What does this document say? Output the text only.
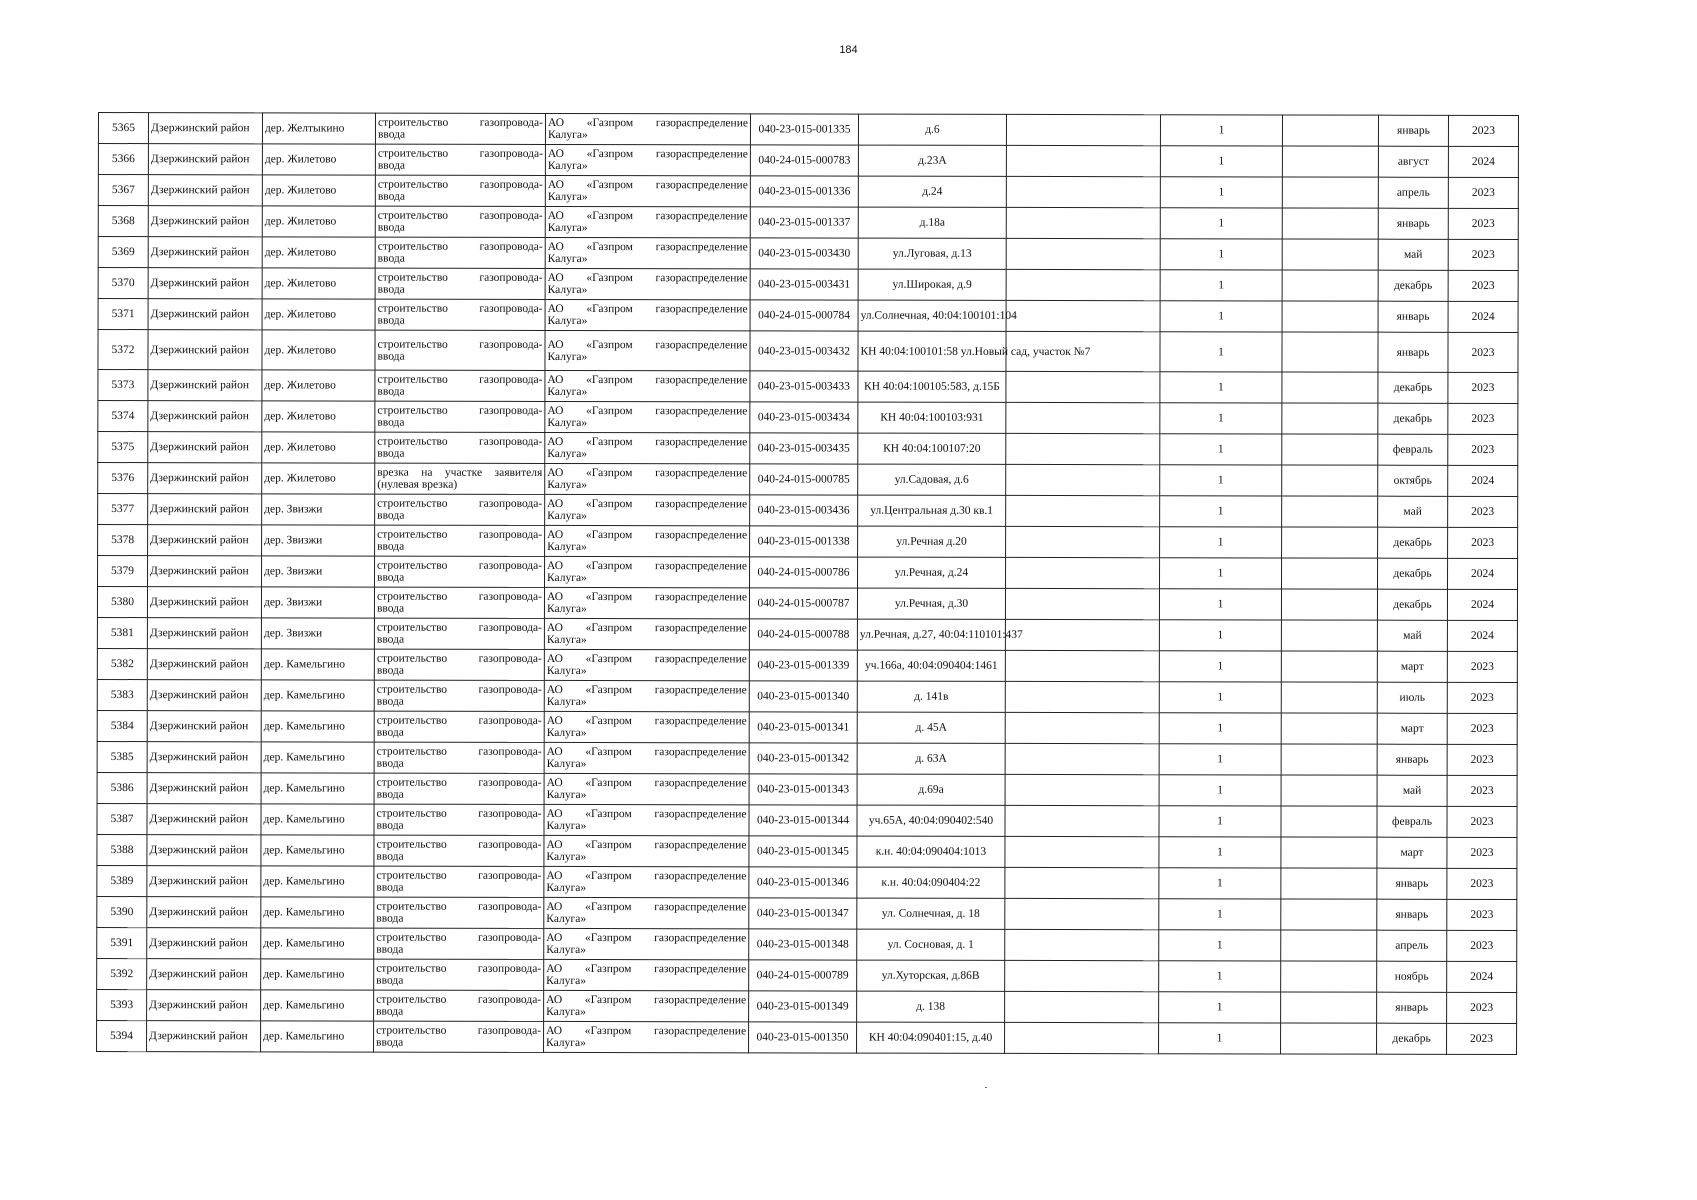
184
5365	Дзержинский район	дер. Желтыкино	строительство газопровода-
ввода	АО «Газпром газораспределение
Калуга»	040-23-015-001335	д.6		1		январь	2023
5366	Дзержинский район	дер. Жилетово	строительство газопровода-
ввода	АО «Газпром газораспределение
Калуга»	040-24-015-000783	д.23А		1		август	2024
5367	Дзержинский район	дер. Жилетово	строительство газопровода-
ввода	АО «Газпром газораспределение
Калуга»	040-23-015-001336	д.24		1		апрель	2023
5368	Дзержинский район	дер. Жилетово	строительство газопровода-
ввода	АО «Газпром газораспределение
Калуга»	040-23-015-001337	д.18а		1		январь	2023
5369	Дзержинский район	дер. Жилетово	строительство газопровода-
ввода	АО «Газпром газораспределение
Калуга»	040-23-015-003430	ул.Луговая, д.13		1		май	2023
5370	Дзержинский район	дер. Жилетово	строительство газопровода-
ввода	АО «Газпром газораспределение
Калуга»	040-23-015-003431	ул.Широкая, д.9		1		декабрь	2023
5371	Дзержинский район	дер. Жилетово	строительство газопровода-
ввода	АО «Газпром газораспределение
Калуга»	040-24-015-000784	ул.Солнечная, 40:04:100101:104		1		январь	2024
5372	Дзержинский район	дер. Жилетово	строительство газопровода-
ввода	АО «Газпром газораспределение
Калуга»	040-23-015-003432	КН 40:04:100101:58 ул.Новый сад, участок №7		1		январь	2023
5373	Дзержинский район	дер. Жилетово	строительство газопровода-
ввода	АО «Газпром газораспределение
Калуга»	040-23-015-003433	КН 40:04:100105:583, д.15Б		1		декабрь	2023
5374	Дзержинский район	дер. Жилетово	строительство газопровода-
ввода	АО «Газпром газораспределение
Калуга»	040-23-015-003434	КН 40:04:100103:931		1		декабрь	2023
5375	Дзержинский район	дер. Жилетово	строительство газопровода-
ввода	АО «Газпром газораспределение
Калуга»	040-23-015-003435	КН 40:04:100107:20		1		февраль	2023
5376	Дзержинский район	дер. Жилетово	врезка на участке заявителя
(нулевая врезка)	АО «Газпром газораспределение
Калуга»	040-24-015-000785	ул.Садовая, д.6		1		октябрь	2024
5377	Дзержинский район	дер. Звизжи	строительство газопровода-
ввода	АО «Газпром газораспределение
Калуга»	040-23-015-003436	ул.Центральная д.30 кв.1		1		май	2023
5378	Дзержинский район	дер. Звизжи	строительство газопровода-
ввода	АО «Газпром газораспределение
Калуга»	040-23-015-001338	ул.Речная д.20		1		декабрь	2023
5379	Дзержинский район	дер. Звизжи	строительство газопровода-
ввода	АО «Газпром газораспределение
Калуга»	040-24-015-000786	ул.Речная, д.24		1		декабрь	2024
5380	Дзержинский район	дер. Звизжи	строительство газопровода-
ввода	АО «Газпром газораспределение
Калуга»	040-24-015-000787	ул.Речная, д.30		1		декабрь	2024
5381	Дзержинский район	дер. Звизжи	строительство газопровода-
ввода	АО «Газпром газораспределение
Калуга»	040-24-015-000788	ул.Речная, д.27, 40:04:110101:437		1		май	2024
5382	Дзержинский район	дер. Камельгино	строительство газопровода-
ввода	АО «Газпром газораспределение
Калуга»	040-23-015-001339	уч.166а, 40:04:090404:1461		1		март	2023
5383	Дзержинский район	дер. Камельгино	строительство газопровода-
ввода	АО «Газпром газораспределение
Калуга»	040-23-015-001340	д. 141в		1		июль	2023
5384	Дзержинский район	дер. Камельгино	строительство газопровода-
ввода	АО «Газпром газораспределение
Калуга»	040-23-015-001341	д. 45А		1		март	2023
5385	Дзержинский район	дер. Камельгино	строительство газопровода-
ввода	АО «Газпром газораспределение
Калуга»	040-23-015-001342	д. 63А		1		январь	2023
5386	Дзержинский район	дер. Камельгино	строительство газопровода-
ввода	АО «Газпром газораспределение
Калуга»	040-23-015-001343	д.69а		1		май	2023
5387	Дзержинский район	дер. Камельгино	строительство газопровода-
ввода	АО «Газпром газораспределение
Калуга»	040-23-015-001344	уч.65А, 40:04:090402:540		1		февраль	2023
5388	Дзержинский район	дер. Камельгино	строительство газопровода-
ввода	АО «Газпром газораспределение
Калуга»	040-23-015-001345	к.н. 40:04:090404:1013		1		март	2023
5389	Дзержинский район	дер. Камельгино	строительство газопровода-
ввода	АО «Газпром газораспределение
Калуга»	040-23-015-001346	к.н. 40:04:090404:22		1		январь	2023
5390	Дзержинский район	дер. Камельгино	строительство газопровода-
ввода	АО «Газпром газораспределение
Калуга»	040-23-015-001347	ул. Солнечная, д. 18		1		январь	2023
5391	Дзержинский район	дер. Камельгино	строительство газопровода-
ввода	АО «Газпром газораспределение
Калуга»	040-23-015-001348	ул. Сосновая, д. 1		1		апрель	2023
5392	Дзержинский район	дер. Камельгино	строительство газопровода-
ввода	АО «Газпром газораспределение
Калуга»	040-24-015-000789	ул.Хуторская, д.86В		1		ноябрь	2024
5393	Дзержинский район	дер. Камельгино	строительство газопровода-
ввода	АО «Газпром газораспределение
Калуга»	040-23-015-001349	д. 138		1		январь	2023
5394	Дзержинский район	дер. Камельгино	строительство газопровода-
ввода	АО «Газпром газораспределение
Калуга»	040-23-015-001350	КН 40:04:090401:15, д.40		1		декабрь	2023
